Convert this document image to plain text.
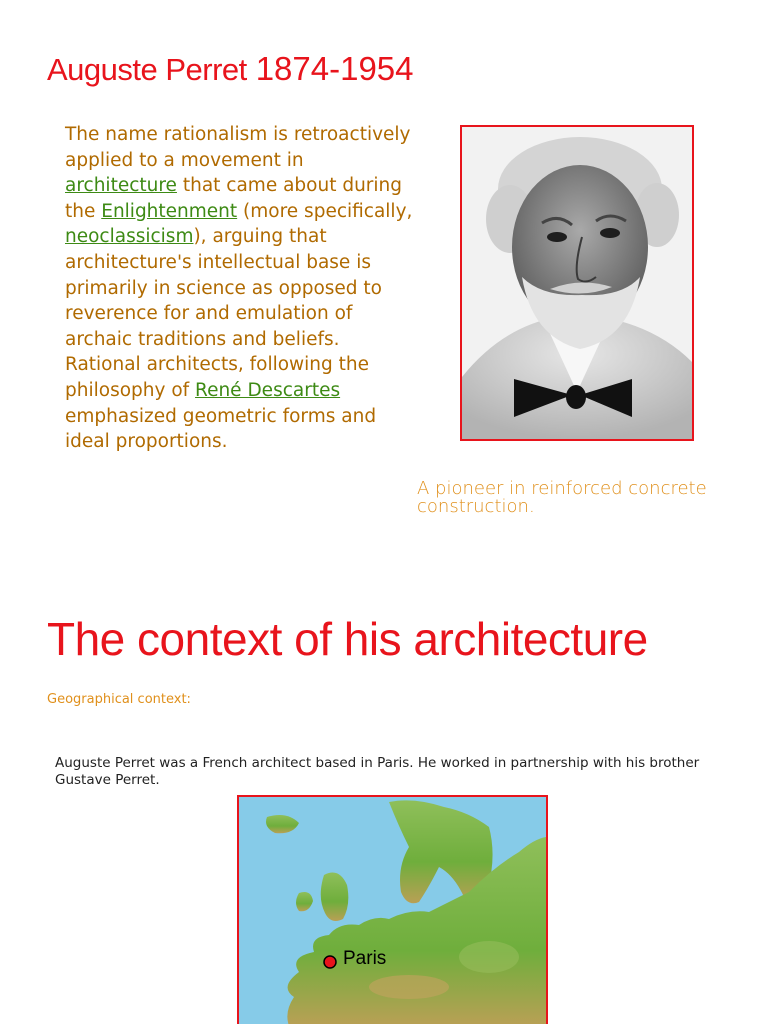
Auguste Perret 1874-1954

The name rationalism is retroactively applied to a movement in architecture that came about during the Enlightenment (more specifically, neoclassicism), arguing that architecture's intellectual base is primarily in science as opposed to reverence for and emulation of archaic traditions and beliefs. Rational architects, following the philosophy of René Descartes emphasized geometric forms and ideal proportions.

A pioneer in reinforced concrete construction.

The context of his architecture

Geographical context:

Auguste Perret was a French architect based in Paris. He worked in partnership with his brother Gustave Perret.

Paris
